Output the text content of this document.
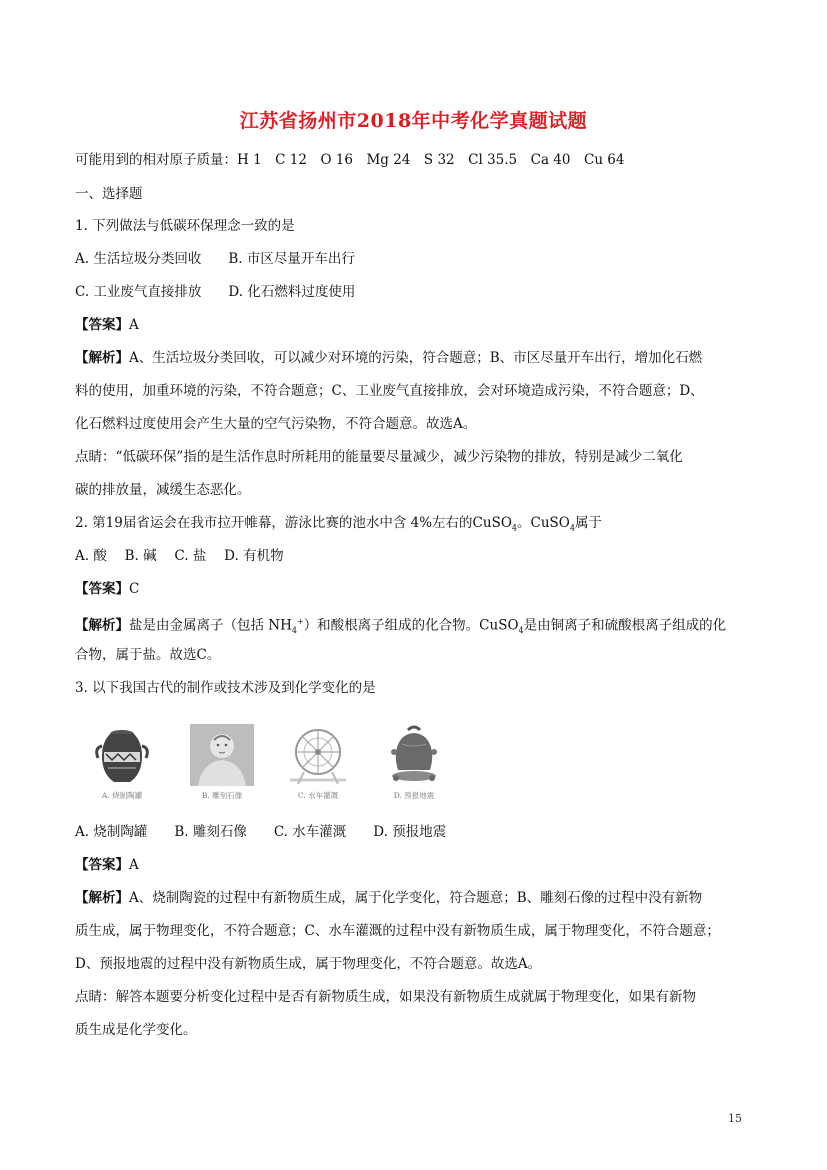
江苏省扬州市2018年中考化学真题试题
可能用到的相对原子质量：H 1　C 12　O 16　Mg 24　S 32　Cl 35.5　Ca 40　Cu 64
一、选择题
1. 下列做法与低碳环保理念一致的是
A. 生活垃圾分类回收　　B. 市区尽量开车出行
C. 工业废气直接排放　　D. 化石燃料过度使用
【答案】A
【解析】A、生活垃圾分类回收，可以减少对环境的污染，符合题意；B、市区尽量开车出行，增加化石燃
料的使用，加重环境的污染，不符合题意；C、工业废气直接排放，会对环境造成污染，不符合题意；D、
化石燃料过度使用会产生大量的空气污染物，不符合题意。故选A。
点睛：“低碳环保”指的是生活作息时所耗用的能量要尽量减少，减少污染物的排放，特别是减少二氧化
碳的排放量，减缓生态恶化。
2. 第19届省运会在我市拉开帷幕，游泳比赛的池水中含 4%左右的CuSO$_4$。CuSO$_4$属于
A. 酸　 B. 碱　 C. 盐　 D. 有机物
【答案】C
【解析】盐是由金属离子（包括 $NH_4^+$）和酸根离子组成的化合物。CuSO$_4$是由铜离子和硫酸根离子组成的化
合物，属于盐。故选C。
3. 以下我国古代的制作或技术涉及到化学变化的是
A. 烧制陶罐	B. 雕刻石像	C. 水车灌溉	D. 预报地震
A. 烧制陶罐　　B. 雕刻石像　　C. 水车灌溉　　D. 预报地震
【答案】A
【解析】A、烧制陶瓷的过程中有新物质生成，属于化学变化，符合题意；B、雕刻石像的过程中没有新物
质生成，属于物理变化，不符合题意；C、水车灌溉的过程中没有新物质生成，属于物理变化，不符合题意；
D、预报地震的过程中没有新物质生成，属于物理变化，不符合题意。故选A。
点睛：解答本题要分析变化过程中是否有新物质生成，如果没有新物质生成就属于物理变化，如果有新物
质生成是化学变化。
15
